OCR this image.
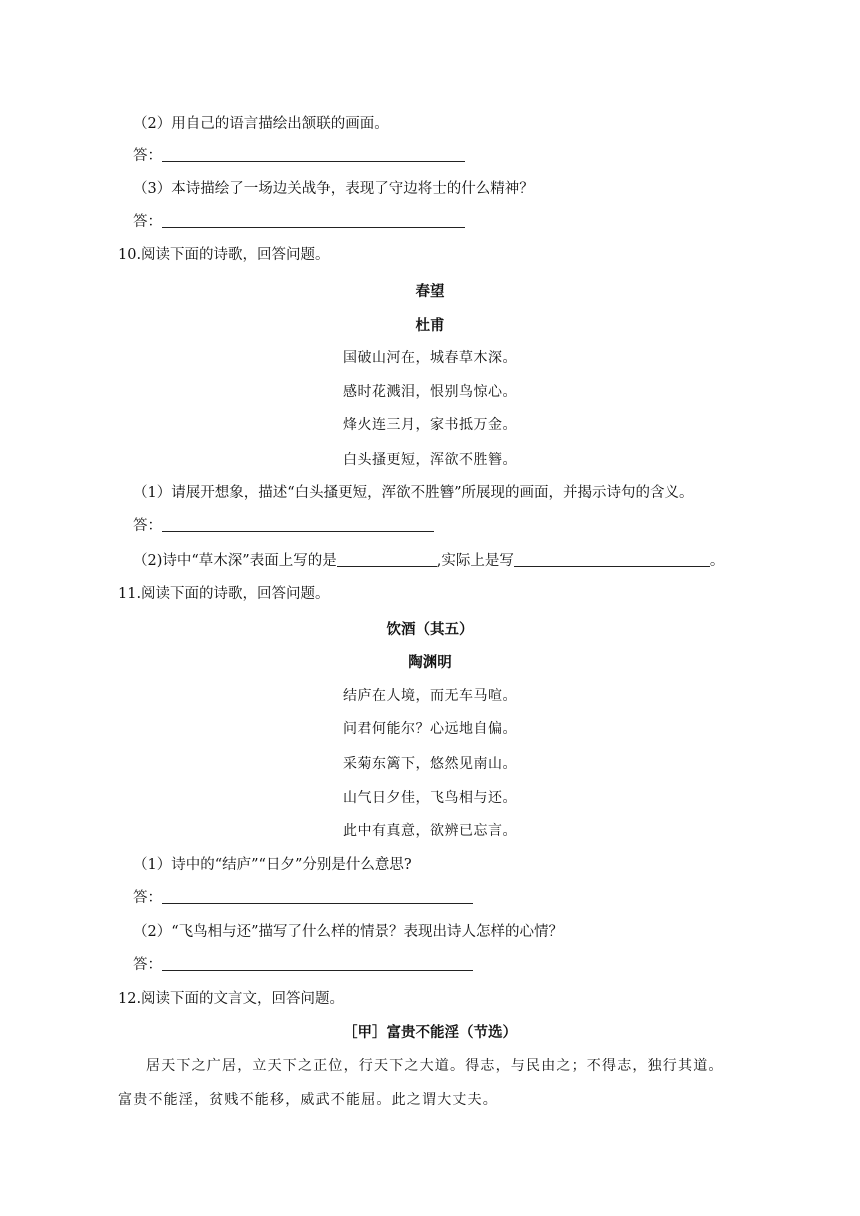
（2）用自己的语言描绘出颔联的画面。
答：
（3）本诗描绘了一场边关战争，表现了守边将士的什么精神？
答：
10.阅读下面的诗歌，回答问题。
春望
杜甫
国破山河在，城春草木深。
感时花溅泪，恨别鸟惊心。
烽火连三月，家书抵万金。
白头搔更短，浑欲不胜簪。
（1）请展开想象，描述“白头搔更短，浑欲不胜簪”所展现的画面，并揭示诗句的含义。
答：
（2)诗中“草木深”表面上写的是	,实际上是写	。
11.阅读下面的诗歌，回答问题。
饮酒（其五）
陶渊明
结庐在人境，而无车马喧。
问君何能尔？心远地自偏。
采菊东篱下，悠然见南山。
山气日夕佳，飞鸟相与还。
此中有真意，欲辨已忘言。
（1）诗中的“结庐”“日夕”分别是什么意思?
答：
（2）“飞鸟相与还”描写了什么样的情景？表现出诗人怎样的心情？
答：
12.阅读下面的文言文，回答问题。
［甲］富贵不能淫（节选）
居天下之广居，立天下之正位，行天下之大道。得志，与民由之；不得志，独行其道。
富贵不能淫，贫贱不能移，威武不能屈。此之谓大丈夫。
